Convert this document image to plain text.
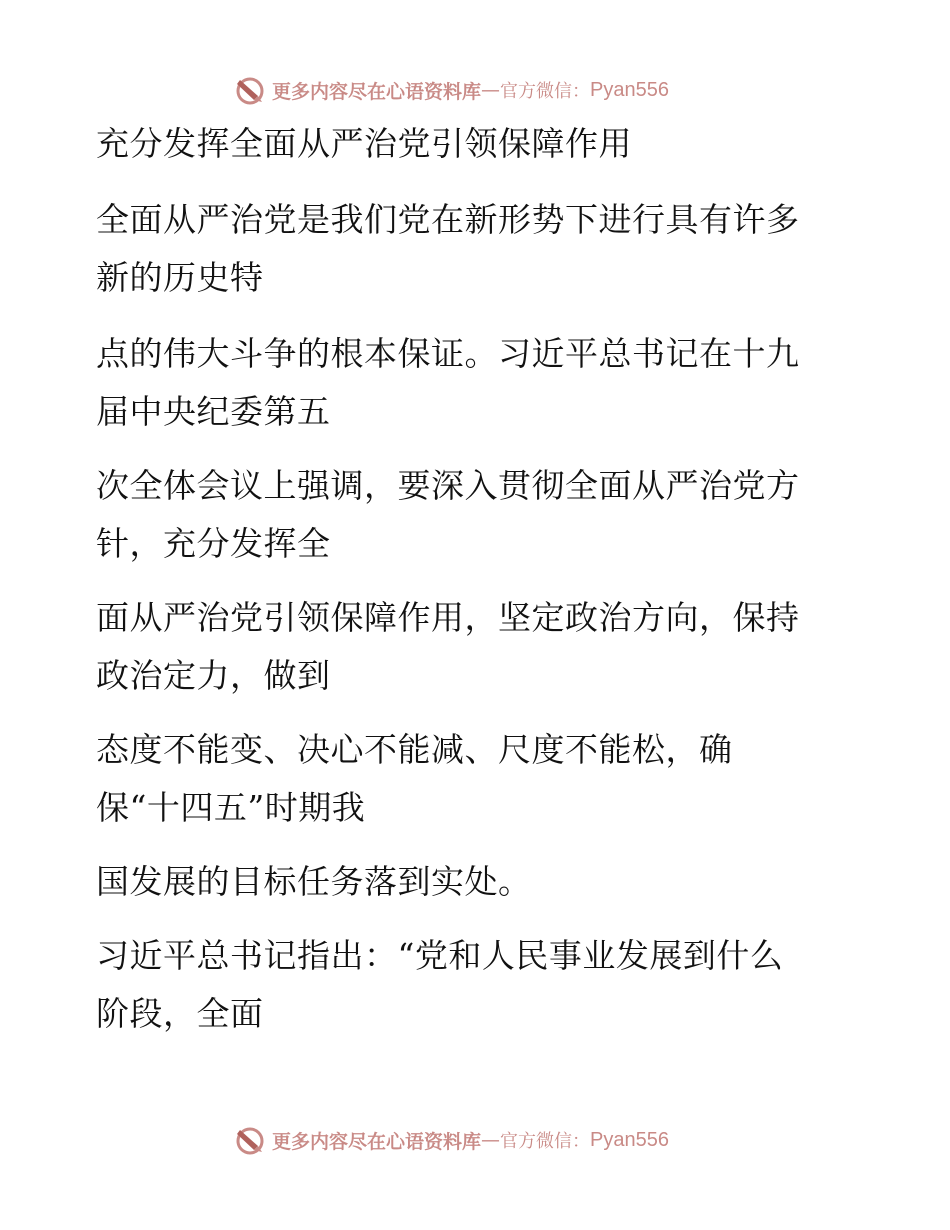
更多内容尽在心语资料库 — 官方微信： Pyan556
充分发挥全面从严治党引领保障作用
全面从严治党是我们党在新形势下进行具有许多
新的历史特
点的伟大斗争的根本保证。习近平总书记在十九
届中央纪委第五
次全体会议上强调，要深入贯彻全面从严治党方
针，充分发挥全
面从严治党引领保障作用，坚定政治方向，保持
政治定力，做到
态度不能变、决心不能减、尺度不能松，确
保“十四五”时期我
国发展的目标任务落到实处。
习近平总书记指出：“党和人民事业发展到什么
阶段，全面
更多内容尽在心语资料库 — 官方微信： Pyan556
